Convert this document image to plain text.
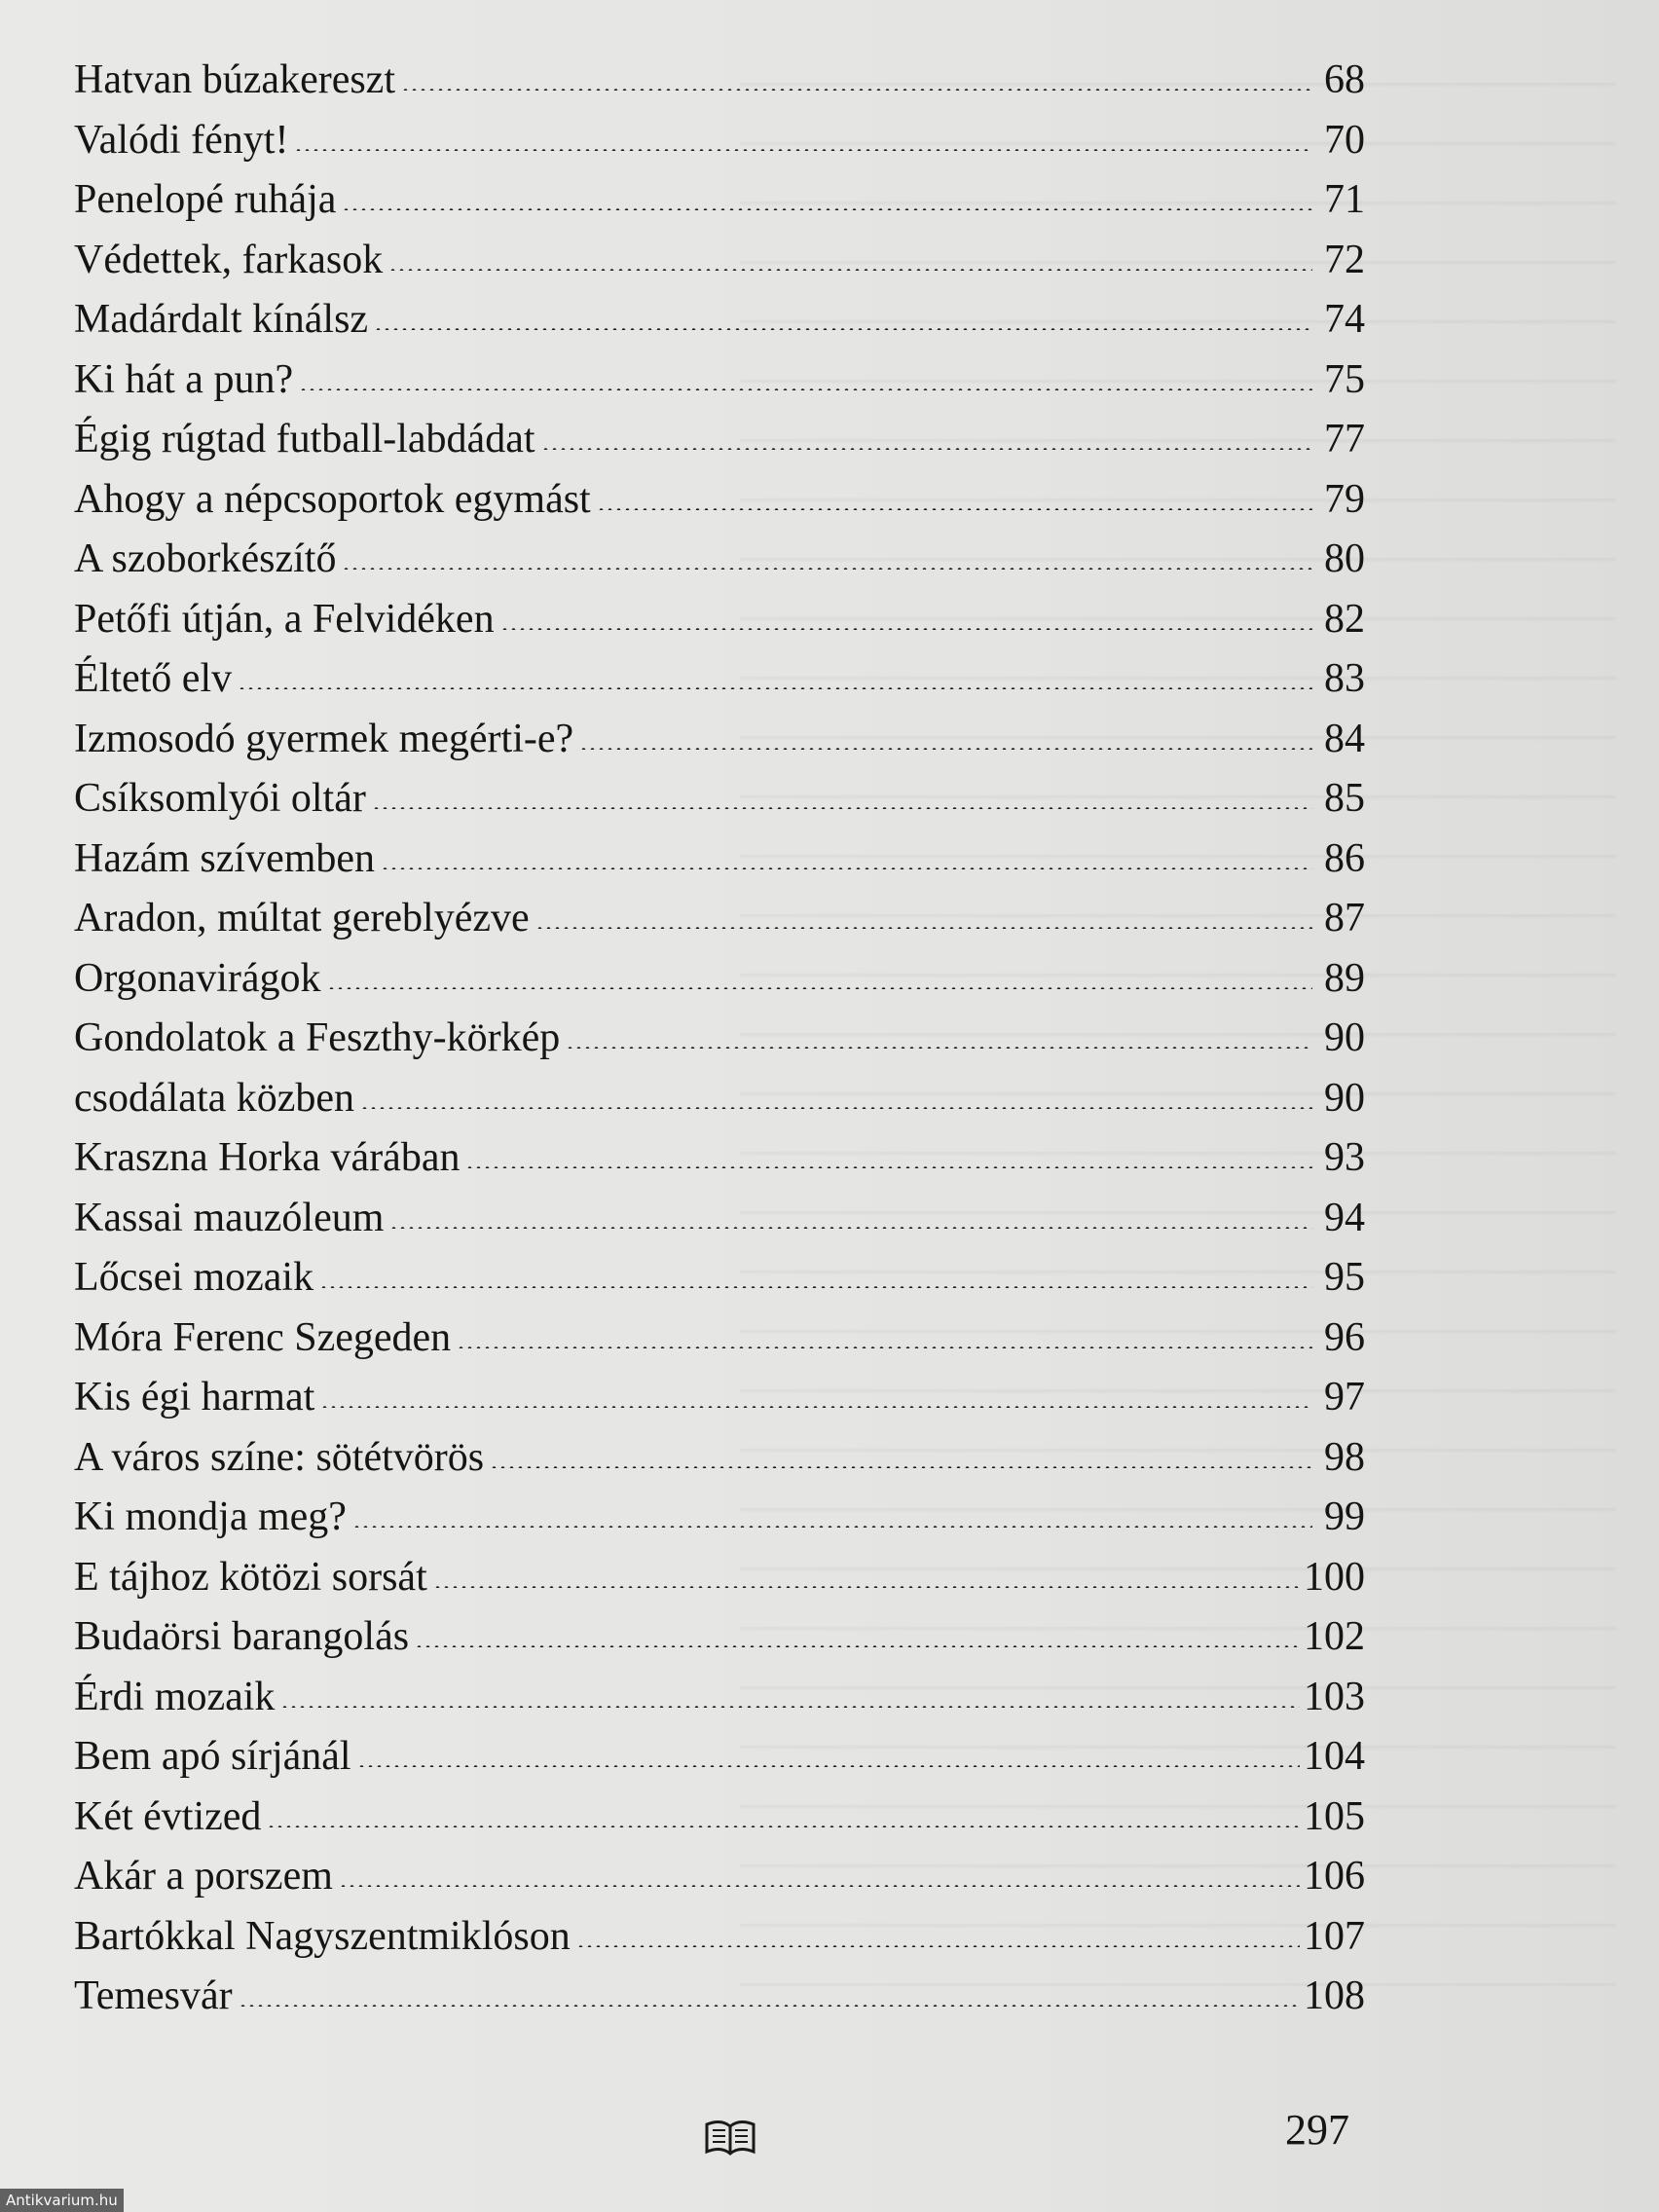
Hatvan búzakereszt	68
Valódi fényt!	70
Penelopé ruhája	71
Védettek, farkasok	72
Madárdalt kínálsz	74
Ki hát a pun?	75
Égig rúgtad futball-labdádat	77
Ahogy a népcsoportok egymást	79
A szoborkészítő	80
Petőfi útján, a Felvidéken	82
Éltető elv	83
Izmosodó gyermek megérti-e?	84
Csíksomlyói oltár	85
Hazám szívemben	86
Aradon, múltat gereblyézve	87
Orgonavirágok	89
Gondolatok a Feszthy-körkép	90
csodálata közben	90
Kraszna Horka várában	93
Kassai mauzóleum	94
Lőcsei mozaik	95
Móra Ferenc Szegeden	96
Kis égi harmat	97
A város színe: sötétvörös	98
Ki mondja meg?	99
E tájhoz kötözi sorsát	100
Budaörsi barangolás	102
Érdi mozaik	103
Bem apó sírjánál	104
Két évtized	105
Akár a porszem	106
Bartókkal Nagyszentmiklóson	107
Temesvár	108
297
Antikvarium.hu
